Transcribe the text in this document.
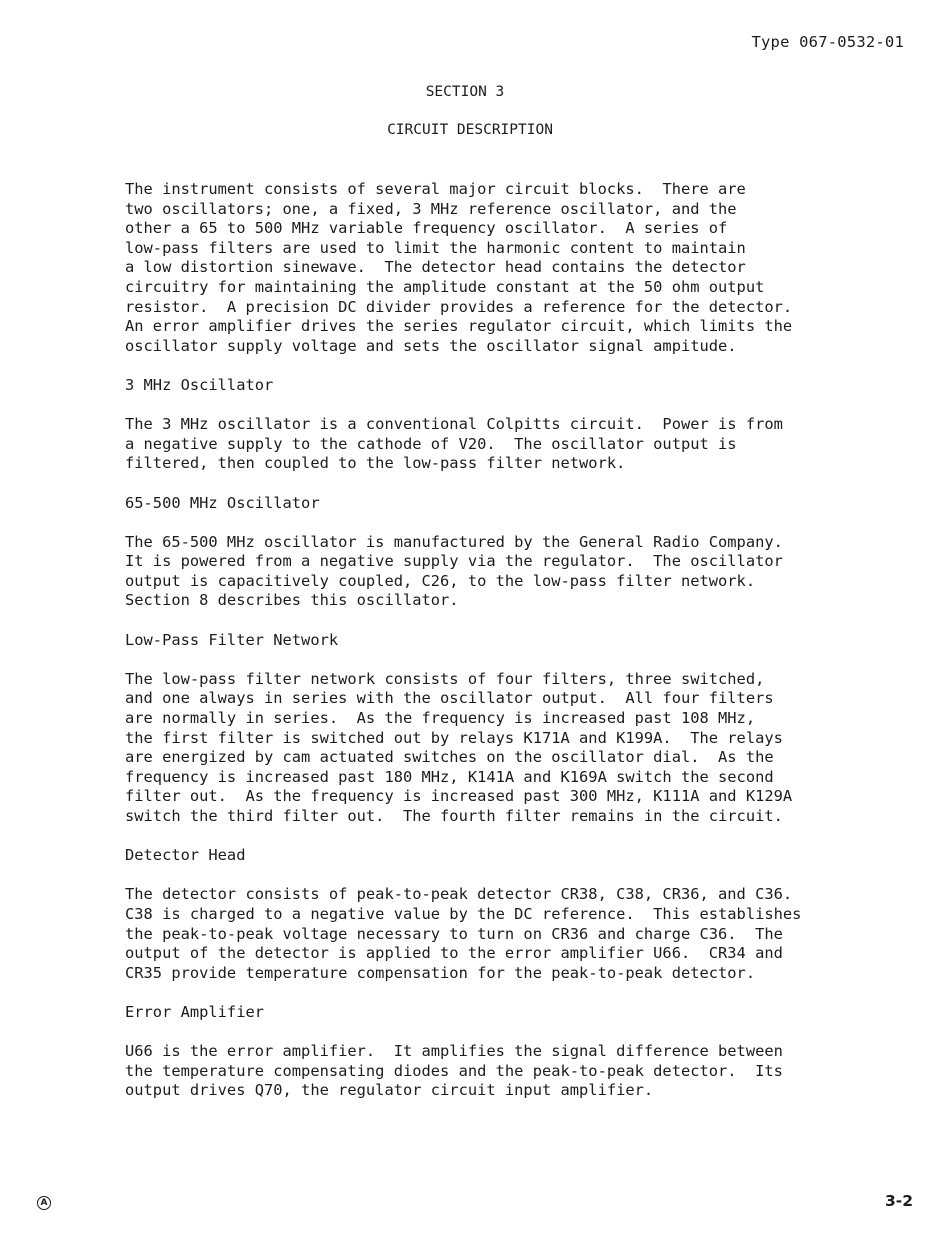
Type 067-0532-01
SECTION 3
CIRCUIT DESCRIPTION
The instrument consists of several major circuit blocks.  There are
two oscillators; one, a fixed, 3 MHz reference oscillator, and the
other a 65 to 500 MHz variable frequency oscillator.  A series of
low-pass filters are used to limit the harmonic content to maintain
a low distortion sinewave.  The detector head contains the detector
circuitry for maintaining the amplitude constant at the 50 ohm output
resistor.  A precision DC divider provides a reference for the detector.
An error amplifier drives the series regulator circuit, which limits the
oscillator supply voltage and sets the oscillator signal ampitude.
3 MHz Oscillator
The 3 MHz oscillator is a conventional Colpitts circuit.  Power is from
a negative supply to the cathode of V20.  The oscillator output is
filtered, then coupled to the low-pass filter network.
65-500 MHz Oscillator
The 65-500 MHz oscillator is manufactured by the General Radio Company.
It is powered from a negative supply via the regulator.  The oscillator
output is capacitively coupled, C26, to the low-pass filter network.
Section 8 describes this oscillator.
Low-Pass Filter Network
The low-pass filter network consists of four filters, three switched,
and one always in series with the oscillator output.  All four filters
are normally in series.  As the frequency is increased past 108 MHz,
the first filter is switched out by relays K171A and K199A.  The relays
are energized by cam actuated switches on the oscillator dial.  As the
frequency is increased past 180 MHz, K141A and K169A switch the second
filter out.  As the frequency is increased past 300 MHz, K111A and K129A
switch the third filter out.  The fourth filter remains in the circuit.
Detector Head
The detector consists of peak-to-peak detector CR38, C38, CR36, and C36.
C38 is charged to a negative value by the DC reference.  This establishes
the peak-to-peak voltage necessary to turn on CR36 and charge C36.  The
output of the detector is applied to the error amplifier U66.  CR34 and
CR35 provide temperature compensation for the peak-to-peak detector.
Error Amplifier
U66 is the error amplifier.  It amplifies the signal difference between
the temperature compensating diodes and the peak-to-peak detector.  Its
output drives Q70, the regulator circuit input amplifier.
A	3-2
